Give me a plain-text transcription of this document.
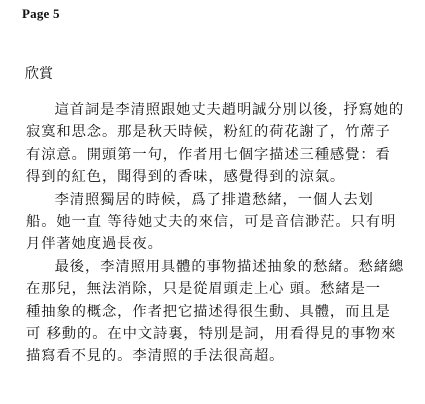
Page 5
欣賞
這首詞是李清照跟她丈夫趙明誠分別以後，抒寫她的
寂寞和思念。那是秋天時候，粉紅的荷花謝了，竹蓆子
有涼意。開頭第一句，作者用七個字描述三種感覺：看
得到的紅色，聞得到的香味，感覺得到的涼氣。
李清照獨居的時候，爲了排遣愁緒，一個人去划
船。她一直 等待她丈夫的來信，可是音信渺茫。只有明
月伴著她度過長夜。
最後，李清照用具體的事物描述抽象的愁緒。愁緒總
在那兒，無法消除，只是從眉頭走上心 頭。愁緒是一
種抽象的概念，作者把它描述得很生動、具體，而且是
可 移動的。在中文詩裏，特別是詞，用看得見的事物來
描寫看不見的。李清照的手法很高超。
